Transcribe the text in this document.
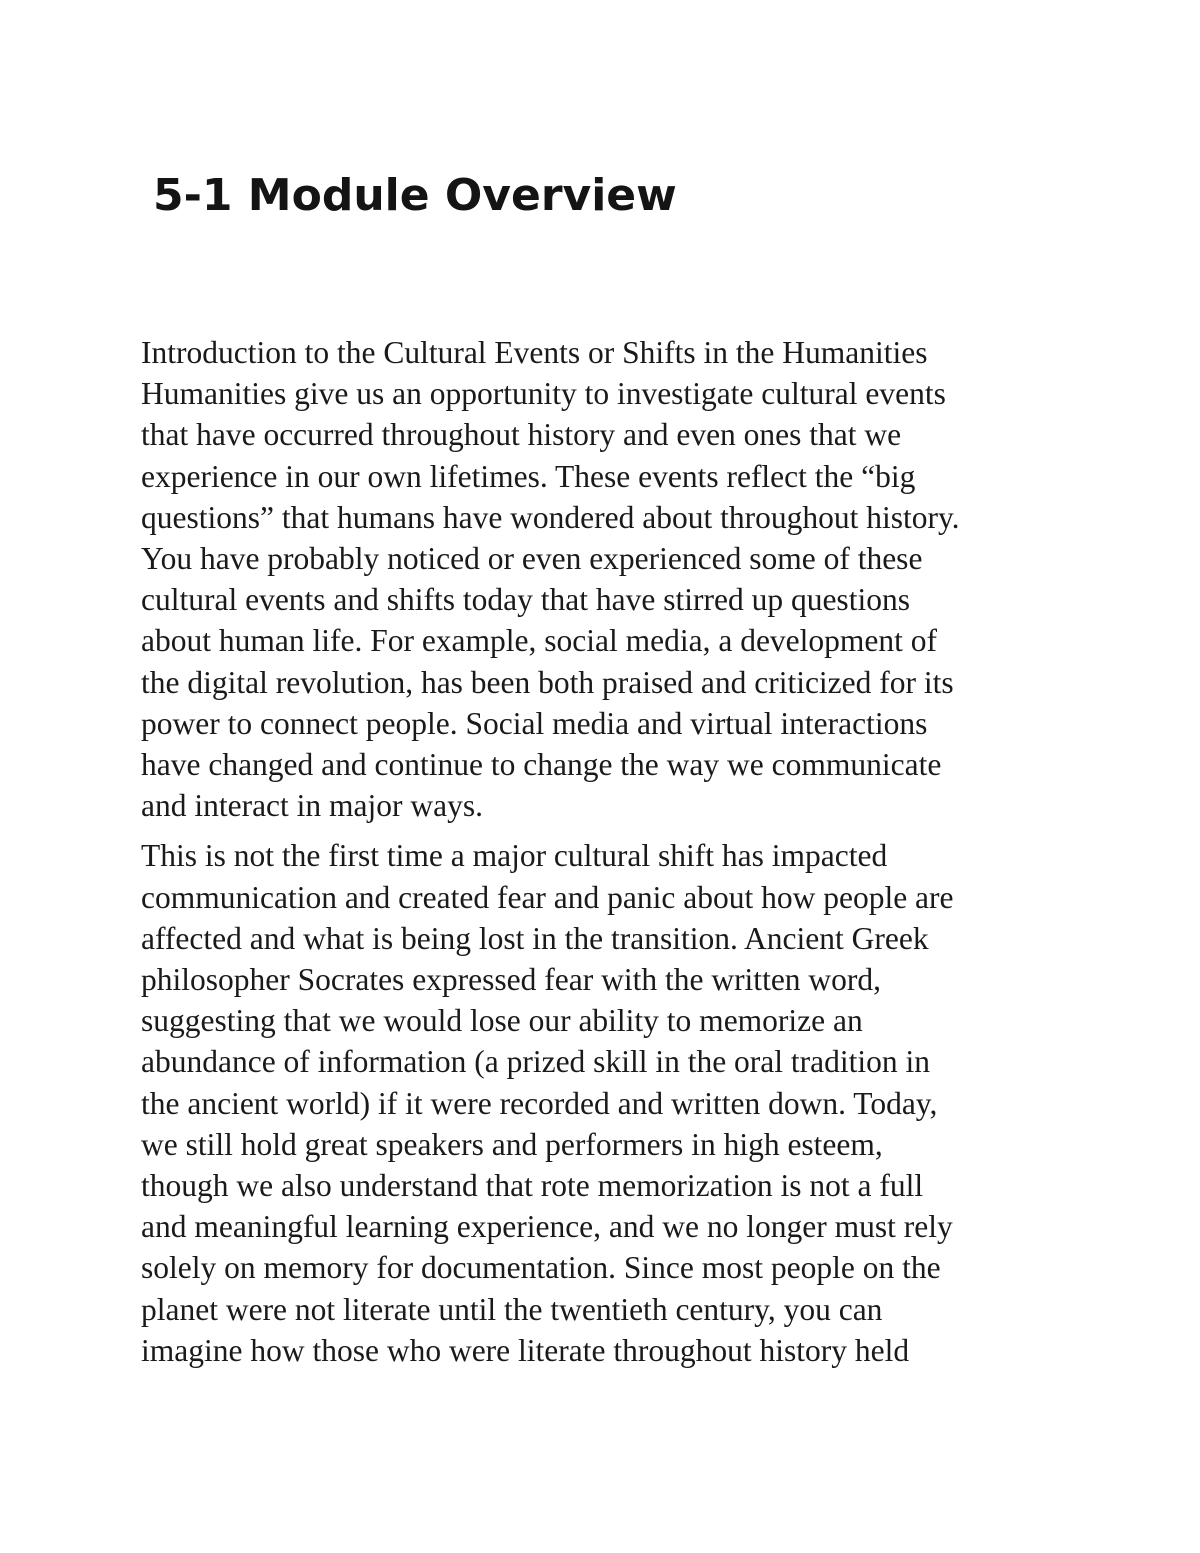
5-1 Module Overview

Introduction to the Cultural Events or Shifts in the Humanities
Humanities give us an opportunity to investigate cultural events
that have occurred throughout history and even ones that we
experience in our own lifetimes. These events reflect the “big
questions” that humans have wondered about throughout history.
You have probably noticed or even experienced some of these
cultural events and shifts today that have stirred up questions
about human life. For example, social media, a development of
the digital revolution, has been both praised and criticized for its
power to connect people. Social media and virtual interactions
have changed and continue to change the way we communicate
and interact in major ways.

This is not the first time a major cultural shift has impacted
communication and created fear and panic about how people are
affected and what is being lost in the transition. Ancient Greek
philosopher Socrates expressed fear with the written word,
suggesting that we would lose our ability to memorize an
abundance of information (a prized skill in the oral tradition in
the ancient world) if it were recorded and written down. Today,
we still hold great speakers and performers in high esteem,
though we also understand that rote memorization is not a full
and meaningful learning experience, and we no longer must rely
solely on memory for documentation. Since most people on the
planet were not literate until the twentieth century, you can
imagine how those who were literate throughout history held
